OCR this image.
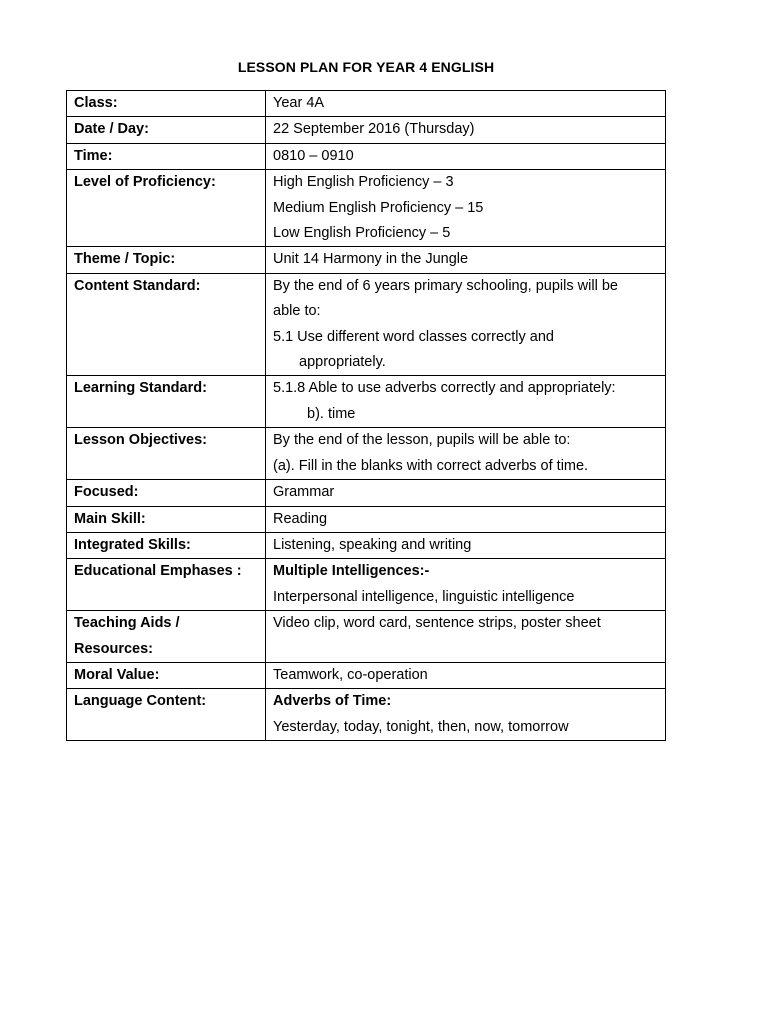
LESSON PLAN FOR YEAR 4 ENGLISH
Class:	Year 4A

Date / Day:	22 September 2016 (Thursday)

Time:	0810 – 0910

Level of Proficiency:	High English Proficiency – 3
Medium English Proficiency – 15
Low English Proficiency – 5

Theme / Topic:	Unit 14 Harmony in the Jungle

Content Standard:	By the end of 6 years primary schooling, pupils will be
able to:
5.1 Use different word classes correctly and
appropriately.

Learning Standard:	5.1.8 Able to use adverbs correctly and appropriately:
b). time

Lesson Objectives:	By the end of the lesson, pupils will be able to:
(a). Fill in the blanks with correct adverbs of time.

Focused:	Grammar

Main Skill:	Reading

Integrated Skills:	Listening, speaking and writing

Educational Emphases :	Multiple Intelligences:-
Interpersonal intelligence, linguistic intelligence

Teaching Aids /
Resources:	Video clip, word card, sentence strips, poster sheet

Moral Value:	Teamwork, co-operation

Language Content:	Adverbs of Time:
Yesterday, today, tonight, then, now, tomorrow
